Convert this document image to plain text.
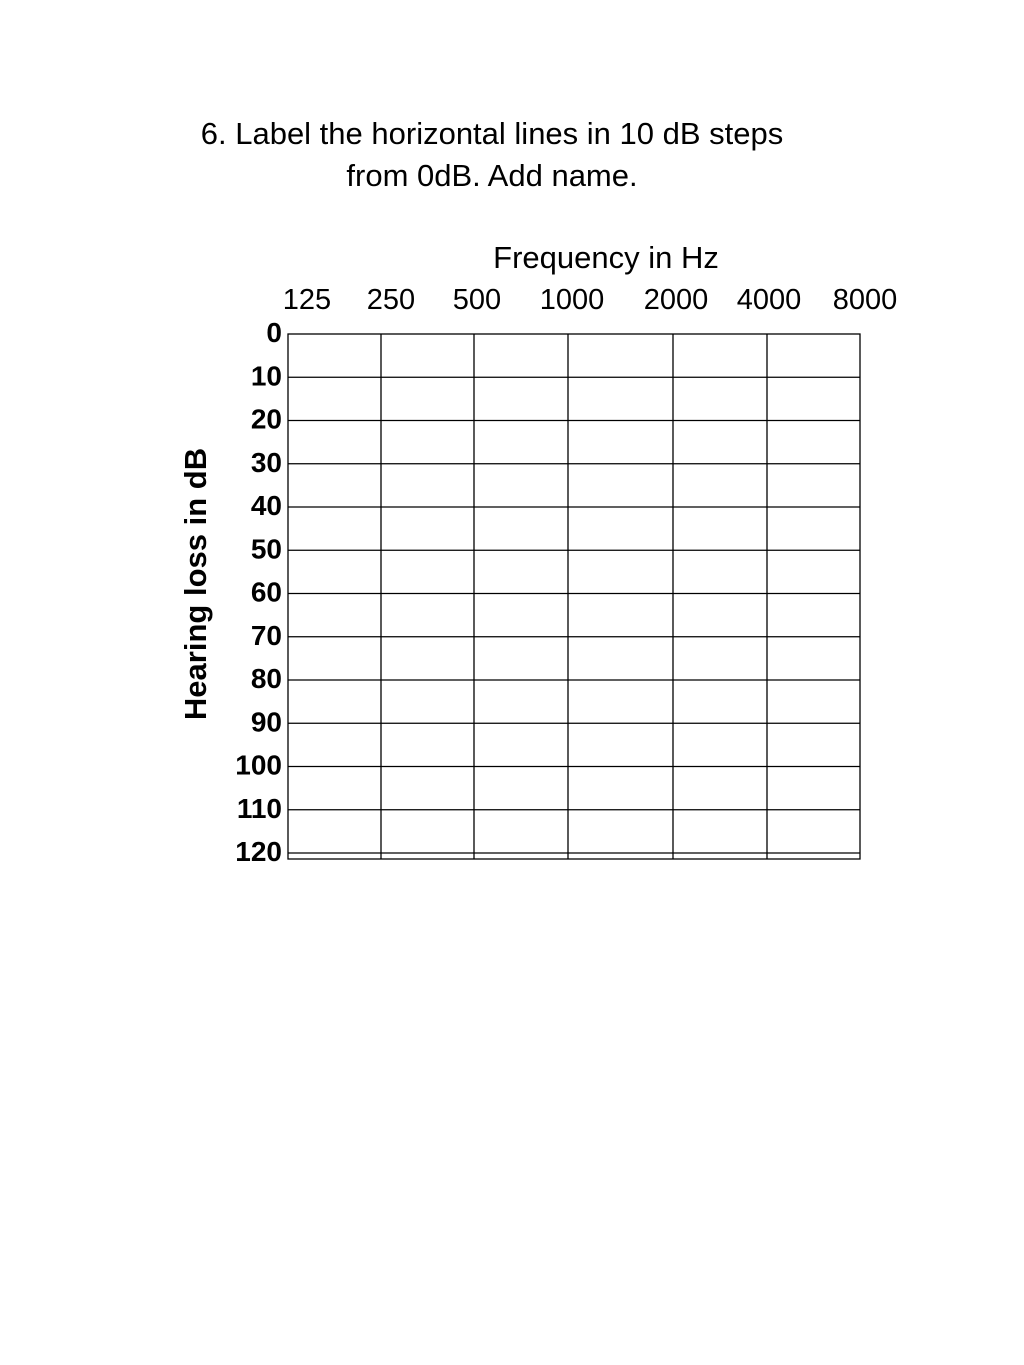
6. Label the horizontal lines in 10 dB steps
from 0dB. Add name.
Frequency in Hz
125 250 500 1000 2000 4000 8000
0
10
20
30
40
50
60
70
80
90
100
110
120
Hearing loss in dB
